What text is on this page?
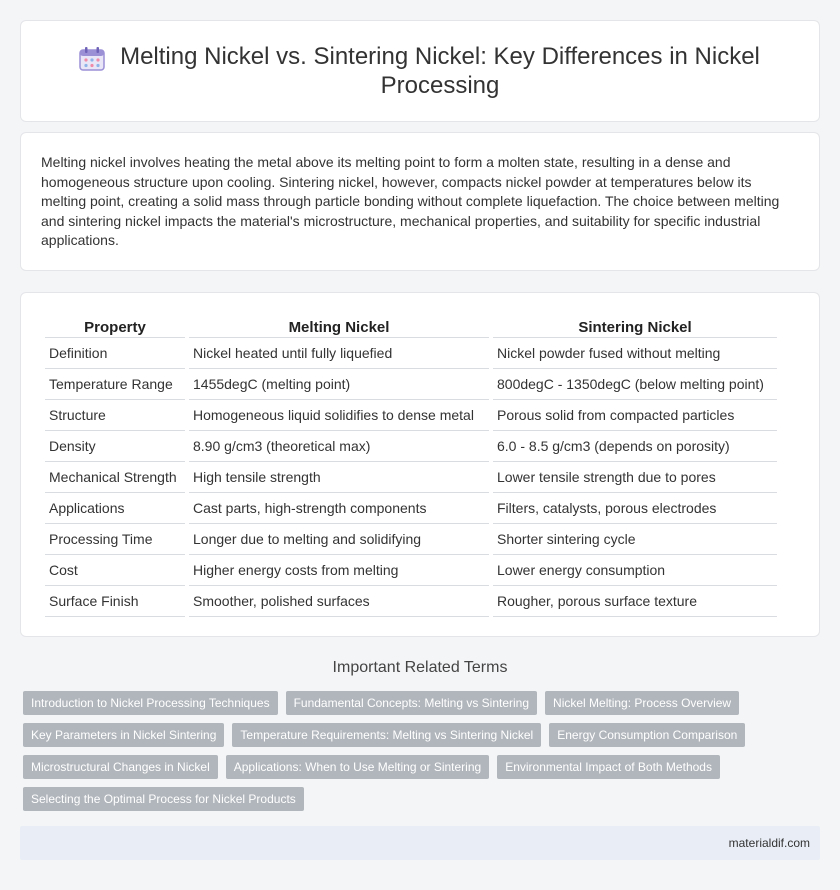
Melting Nickel vs. Sintering Nickel: Key Differences in Nickel Processing

Melting nickel involves heating the metal above its melting point to form a molten state, resulting in a dense and homogeneous structure upon cooling. Sintering nickel, however, compacts nickel powder at temperatures below its melting point, creating a solid mass through particle bonding without complete liquefaction. The choice between melting and sintering nickel impacts the material's microstructure, mechanical properties, and suitability for specific industrial applications.

Property	Melting Nickel	Sintering Nickel
Definition	Nickel heated until fully liquefied	Nickel powder fused without melting
Temperature Range	1455degC (melting point)	800degC - 1350degC (below melting point)
Structure	Homogeneous liquid solidifies to dense metal	Porous solid from compacted particles
Density	8.90 g/cm3 (theoretical max)	6.0 - 8.5 g/cm3 (depends on porosity)
Mechanical Strength	High tensile strength	Lower tensile strength due to pores
Applications	Cast parts, high-strength components	Filters, catalysts, porous electrodes
Processing Time	Longer due to melting and solidifying	Shorter sintering cycle
Cost	Higher energy costs from melting	Lower energy consumption
Surface Finish	Smoother, polished surfaces	Rougher, porous surface texture
Important Related Terms
Introduction to Nickel Processing Techniques	Fundamental Concepts: Melting vs Sintering	Nickel Melting: Process Overview
Key Parameters in Nickel Sintering	Temperature Requirements: Melting vs Sintering Nickel	Energy Consumption Comparison
Microstructural Changes in Nickel	Applications: When to Use Melting or Sintering	Environmental Impact of Both Methods
Selecting the Optimal Process for Nickel Products
materialdif.com
